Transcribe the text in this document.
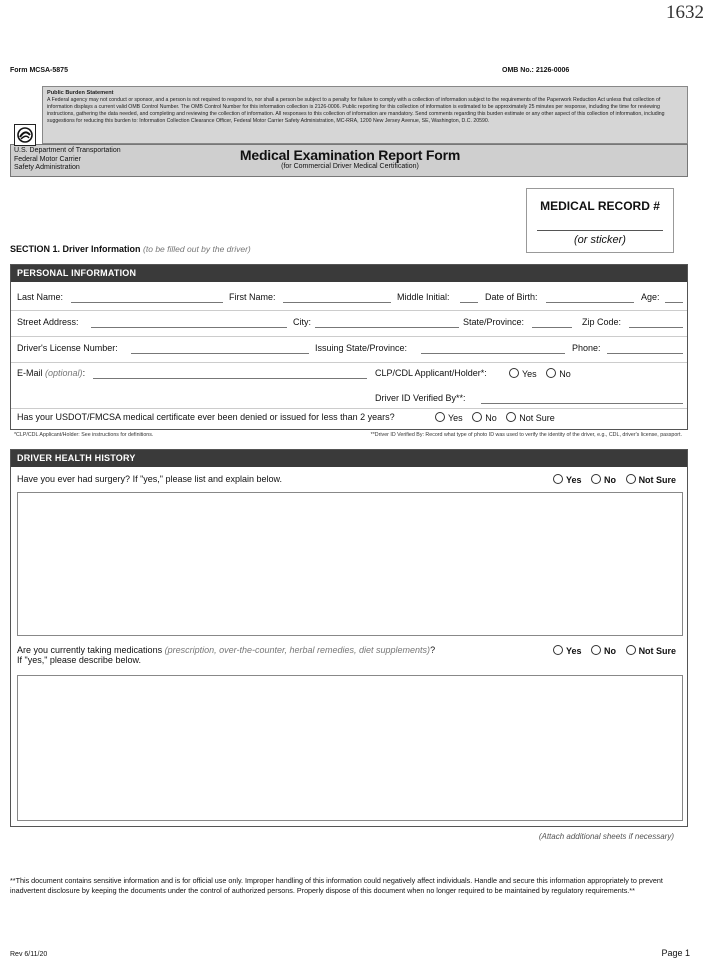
1632
Form MCSA-5875	OMB No.: 2126-0006
Public Burden Statement
A Federal agency may not conduct or sponsor, and a person is not required to respond to, nor shall a person be subject to a penalty for failure to comply with a collection of information subject to the requirements of the Paperwork Reduction Act unless that collection of information displays a current valid OMB Control Number. The OMB Control Number for this information collection is 2126-0006. Public reporting for this collection of information is estimated to be approximately 25 minutes per response, including the time for reviewing instructions, gathering the data needed, and completing and reviewing the collection of information. All responses to this collection of information are mandatory. Send comments regarding this burden estimate or any other aspect of this collection of information, including suggestions for reducing this burden to: Information Collection Clearance Officer, Federal Motor Carrier Safety Administration, MC-RRA, 1200 New Jersey Avenue, SE, Washington, D.C. 20590.
U.S. Department of Transportation
Federal Motor Carrier
Safety Administration
Medical Examination Report Form
(for Commercial Driver Medical Certification)
MEDICAL RECORD #
(or sticker)
SECTION 1. Driver Information (to be filled out by the driver)
PERSONAL INFORMATION
Last Name:	First Name:	Middle Initial:	Date of Birth:	Age:
Street Address:	City:	State/Province:	Zip Code:
Driver's License Number:	Issuing State/Province:	Phone:
E-Mail (optional):	CLP/CDL Applicant/Holder*:	Yes	No
Driver ID Verified By**:
Has your USDOT/FMCSA medical certificate ever been denied or issued for less than 2 years?	Yes	No	Not Sure
*CLP/CDL Applicant/Holder: See instructions for definitions.	**Driver ID Verified By: Record what type of photo ID was used to verify the identity of the driver, e.g., CDL, driver's license, passport.
DRIVER HEALTH HISTORY
Have you ever had surgery? If "yes," please list and explain below.	Yes	No	Not Sure
Are you currently taking medications (prescription, over-the-counter, herbal remedies, diet supplements)?
If "yes," please describe below.
Yes	No	Not Sure
(Attach additional sheets if necessary)
**This document contains sensitive information and is for official use only. Improper handling of this information could negatively affect individuals. Handle and secure this information appropriately to prevent inadvertent disclosure by keeping the documents under the control of authorized persons. Properly dispose of this document when no longer required to be maintained by regulatory requirements.**
Rev 6/11/20	Page 1
